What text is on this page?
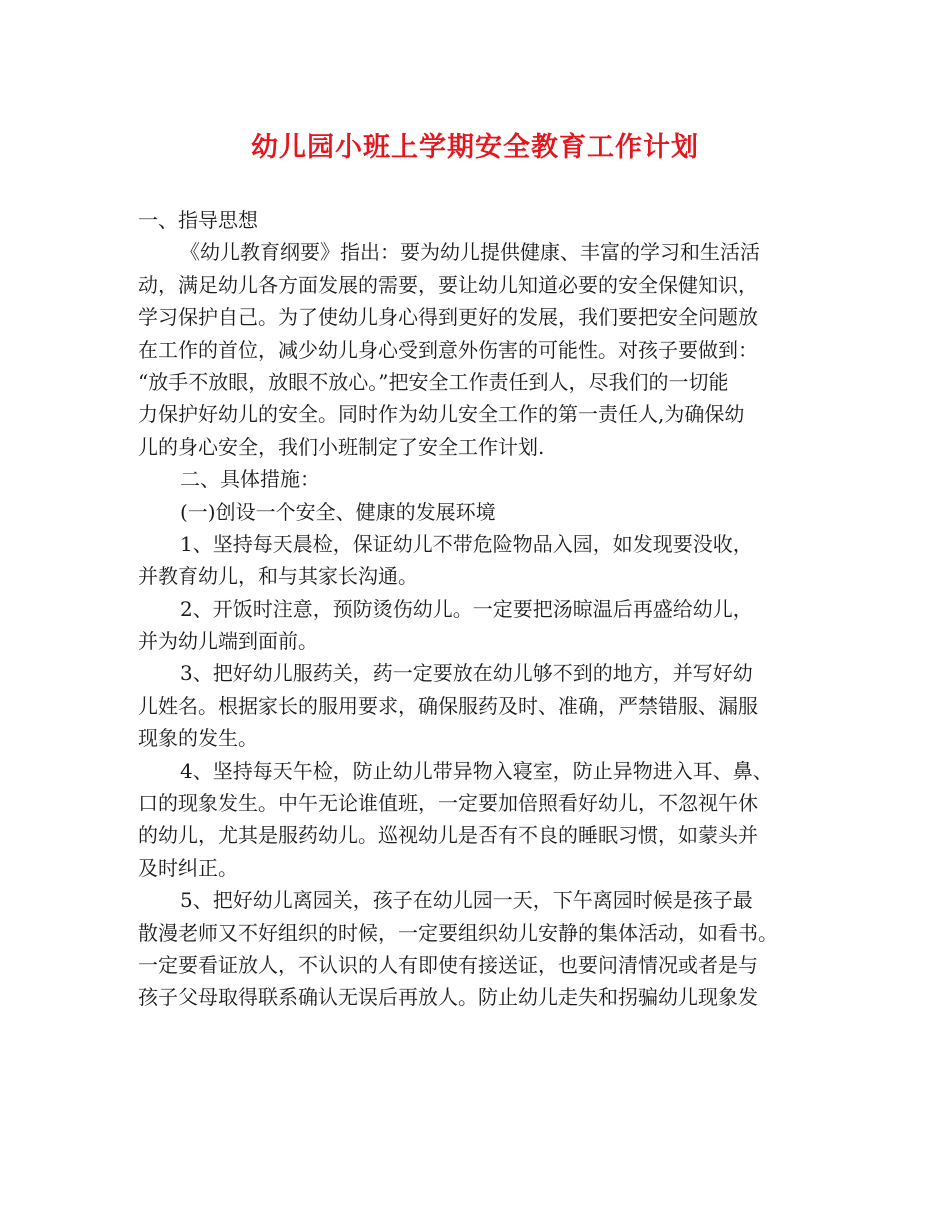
幼儿园小班上学期安全教育工作计划
一、指导思想
《幼儿教育纲要》指出：要为幼儿提供健康、丰富的学习和生活活
动，满足幼儿各方面发展的需要，要让幼儿知道必要的安全保健知识，
学习保护自己。为了使幼儿身心得到更好的发展，我们要把安全问题放
在工作的首位，减少幼儿身心受到意外伤害的可能性。对孩子要做到：
“放手不放眼，放眼不放心。”把安全工作责任到人，尽我们的一切能
力保护好幼儿的安全。同时作为幼儿安全工作的第一责任人,为确保幼
儿的身心安全，我们小班制定了安全工作计划.
二、具体措施：
(一)创设一个安全、健康的发展环境
1、坚持每天晨检，保证幼儿不带危险物品入园，如发现要没收，
并教育幼儿，和与其家长沟通。
2、开饭时注意，预防烫伤幼儿。一定要把汤晾温后再盛给幼儿，
并为幼儿端到面前。
3、把好幼儿服药关，药一定要放在幼儿够不到的地方，并写好幼
儿姓名。根据家长的服用要求，确保服药及时、准确，严禁错服、漏服
现象的发生。
4、坚持每天午检，防止幼儿带异物入寝室，防止异物进入耳、鼻、
口的现象发生。中午无论谁值班，一定要加倍照看好幼儿，不忽视午休
的幼儿，尤其是服药幼儿。巡视幼儿是否有不良的睡眠习惯，如蒙头并
及时纠正。
5、把好幼儿离园关，孩子在幼儿园一天，下午离园时候是孩子最
散漫老师又不好组织的时候，一定要组织幼儿安静的集体活动，如看书。
一定要看证放人，不认识的人有即使有接送证，也要问清情况或者是与
孩子父母取得联系确认无误后再放人。防止幼儿走失和拐骗幼儿现象发
